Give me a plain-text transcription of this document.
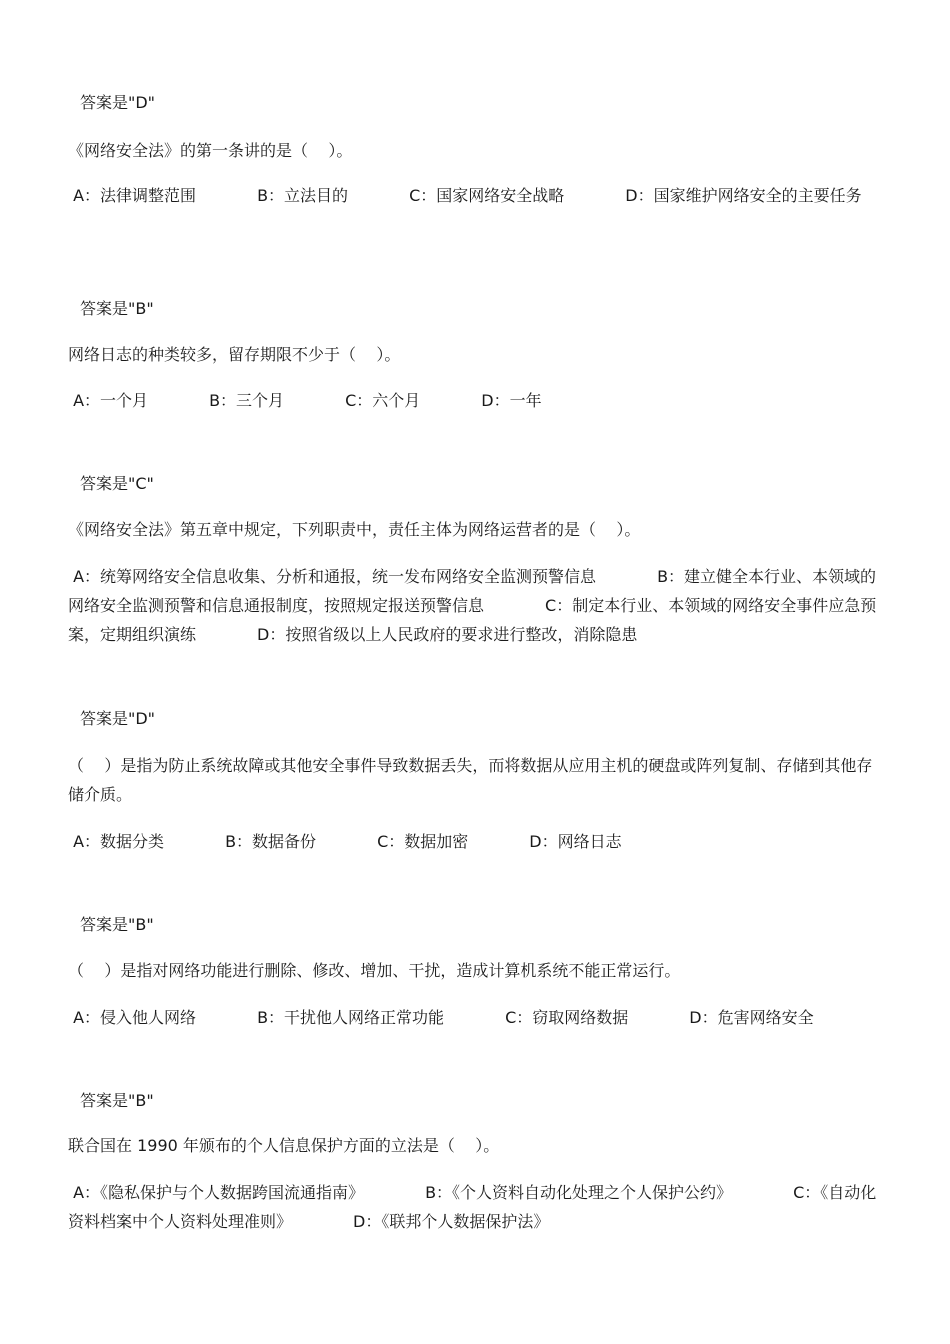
答案是"D"
《网络安全法》的第一条讲的是（    ）。
A：法律调整范围            B：立法目的            C：国家网络安全战略            D：国家维护网络安全的主要任务
答案是"B"
网络日志的种类较多，留存期限不少于（    ）。
A：一个月            B：三个月            C：六个月            D：一年
答案是"C"
《网络安全法》第五章中规定，下列职责中，责任主体为网络运营者的是（    ）。
A：统筹网络安全信息收集、分析和通报，统一发布网络安全监测预警信息            B：建立健全本行业、本领域的网络安全监测预警和信息通报制度，按照规定报送预警信息            C：制定本行业、本领域的网络安全事件应急预案，定期组织演练            D：按照省级以上人民政府的要求进行整改，消除隐患
答案是"D"
（    ）是指为防止系统故障或其他安全事件导致数据丢失，而将数据从应用主机的硬盘或阵列复制、存储到其他存储介质。
A：数据分类            B：数据备份            C：数据加密            D：网络日志
答案是"B"
（    ）是指对网络功能进行删除、修改、增加、干扰，造成计算机系统不能正常运行。
A：侵入他人网络            B：干扰他人网络正常功能            C：窃取网络数据            D：危害网络安全
答案是"B"
联合国在 1990 年颁布的个人信息保护方面的立法是（    ）。
A：《隐私保护与个人数据跨国流通指南》            B：《个人资料自动化处理之个人保护公约》            C：《自动化资料档案中个人资料处理准则》            D：《联邦个人数据保护法》
